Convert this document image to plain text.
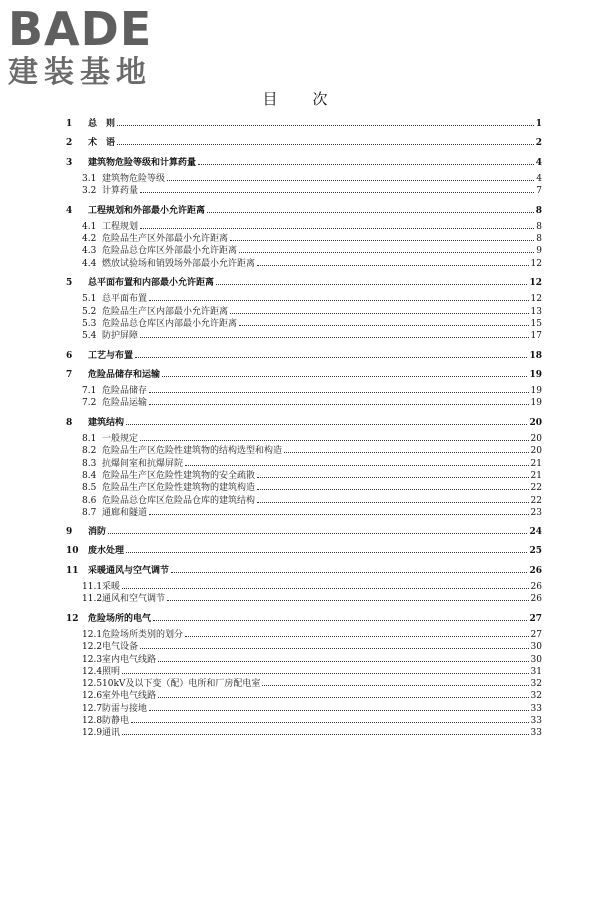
BADE
建装基地
目　次
1	总　则	1
2	术　语	2
3	建筑物危险等级和计算药量	4
3.1 建筑物危险等级	4
3.2 计算药量	7
4	工程规划和外部最小允许距离	8
4.1 工程规划	8
4.2 危险品生产区外部最小允许距离	8
4.3 危险品总仓库区外部最小允许距离	9
4.4 燃放试验场和销毁场外部最小允许距离	12
5	总平面布置和内部最小允许距离	12
5.1 总平面布置	12
5.2 危险品生产区内部最小允许距离	13
5.3 危险品总仓库区内部最小允许距离	15
5.4 防护屏障	17
6	工艺与布置	18
7	危险品储存和运输	19
7.1 危险品储存	19
7.2 危险品运输	19
8	建筑结构	20
8.1 一般规定	20
8.2 危险品生产区危险性建筑物的结构选型和构造	20
8.3 抗爆间室和抗爆屏院	21
8.4 危险品生产区危险性建筑物的安全疏散	21
8.5 危险品生产区危险性建筑物的建筑构造	22
8.6 危险品总仓库区危险品仓库的建筑结构	22
8.7 通廊和隧道	23
9	消防	24
10	废水处理	25
11	采暖通风与空气调节	26
11.1 采暖	26
11.2 通风和空气调节	26
12	危险场所的电气	27
12.1 危险场所类别的划分	27
12.2 电气设备	30
12.3 室内电气线路	30
12.4 照明	31
12.5 10kV及以下变（配）电所和厂房配电室	32
12.6 室外电气线路	32
12.7 防雷与接地	33
12.8 防静电	33
12.9 通讯	33
